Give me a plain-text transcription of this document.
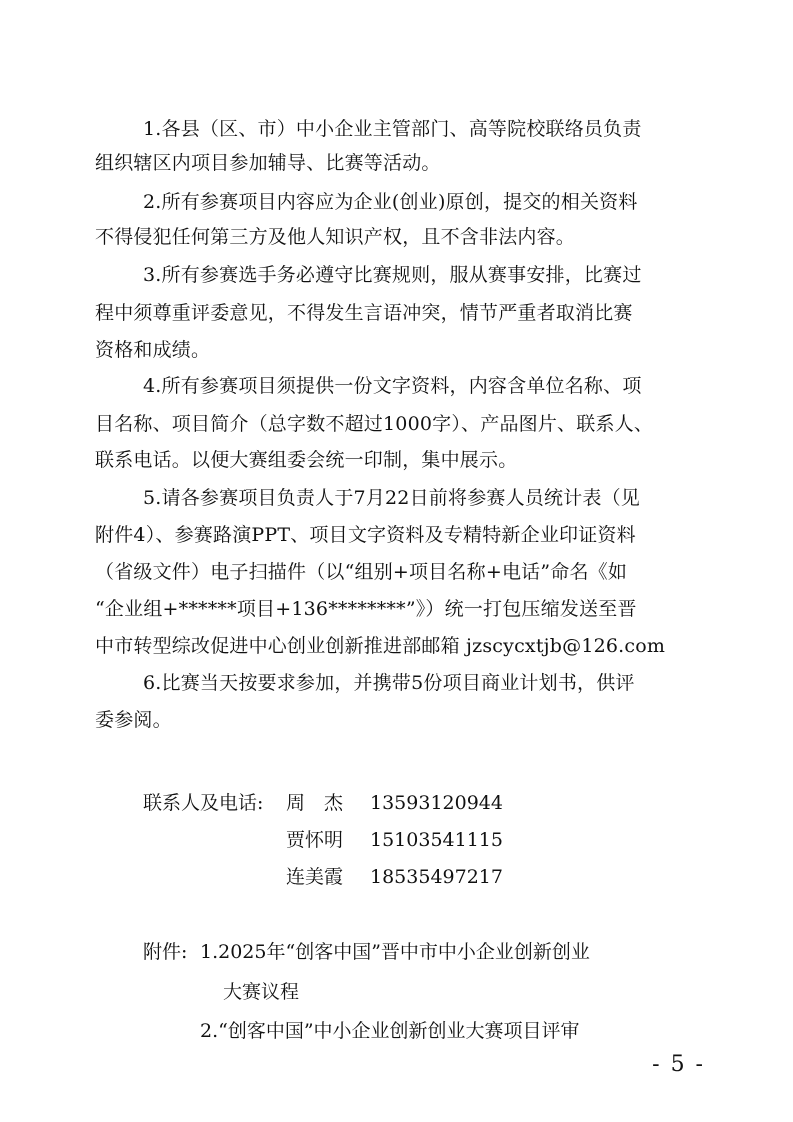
1.各县（区、市）中小企业主管部门、高等院校联络员负责
组织辖区内项目参加辅导、比赛等活动。
2.所有参赛项目内容应为企业(创业)原创，提交的相关资料
不得侵犯任何第三方及他人知识产权，且不含非法内容。
3.所有参赛选手务必遵守比赛规则，服从赛事安排，比赛过
程中须尊重评委意见，不得发生言语冲突，情节严重者取消比赛
资格和成绩。
4.所有参赛项目须提供一份文字资料，内容含单位名称、项
目名称、项目简介（总字数不超过1000字）、产品图片、联系人、
联系电话。以便大赛组委会统一印制，集中展示。
5.请各参赛项目负责人于7月22日前将参赛人员统计表（见
附件4）、参赛路演PPT、项目文字资料及专精特新企业印证资料
（省级文件）电子扫描件（以“组别+项目名称+电话”命名《如
“企业组+******项目+136********”》）统一打包压缩发送至晋
中市转型综改促进中心创业创新推进部邮箱 jzscycxtjb@126.com
6.比赛当天按要求参加，并携带5份项目商业计划书，供评
委参阅。
联系人及电话: 周　杰 13593120944
贾怀明 15103541115
连美霞 18535497217
附件: 1.2025年“创客中国”晋中市中小企业创新创业
大赛议程
2.“创客中国”中小企业创新创业大赛项目评审
- 5 -
